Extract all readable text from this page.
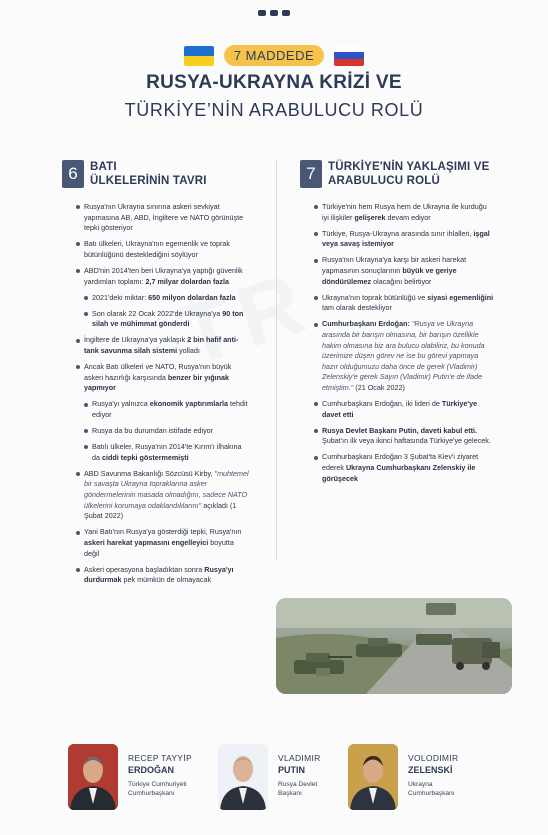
7 MADDEDE
RUSYA-UKRAYNA KRİZİ VE
TÜRKİYE’NİN ARABULUCU ROLÜ
6	BATI
ÜLKELERİNİN TAVRI	7	TÜRKİYE'NİN YAKLAŞIMI VE
ARABULUCU ROLÜ
Rusya'nın Ukrayna sınırına askeri sevkiyat yapmasına AB, ABD, İngiltere ve NATO görünüşte tepki gösteriyor
Batı ülkeleri, Ukrayna'nın egemenlik ve toprak bütünlüğünü desteklediğini söylüyor
ABD'nin 2014'ten beri Ukrayna'ya yaptığı güvenlik yardımları toplamı: 2,7 milyar dolardan fazla
2021'deki miktar: 650 milyon dolardan fazla
Son olarak 22 Ocak 2022'de Ukrayna'ya 90 ton silah ve mühimmat gönderdi
İngiltere de Ukrayna'ya yaklaşık 2 bin hafif anti-tank savunma silah sistemi yolladı
Ancak Batı ülkeleri ve NATO, Rusya'nın büyük askeri hazırlığı karşısında benzer bir yığınak yapmıyor
Rusya'yı yalnızca ekonomik yaptırımlarla tehdit ediyor
Rusya da bu durumdan istifade ediyor
Batılı ülkeler, Rusya'nın 2014'te Kırım'ı ilhakına da ciddi tepki göstermemişti
ABD Savunma Bakanlığı Sözcüsü Kirby, "muhtemel bir savaşta Ukrayna topraklarına asker göndermelerinin masada olmadığını, sadece NATO ülkelerini korumaya odaklandıklarını" açıkladı (1 Şubat 2022)
Yani Batı'nın Rusya'ya gösterdiği tepki, Rusya'nın askeri harekat yapmasını engelleyici boyutta değil
Askeri operasyona başladıktan sonra Rusya'yı durdurmak pek mümkün de olmayacak
Türkiye'nin hem Rusya hem de Ukrayna ile kurduğu iyi ilişkiler gelişerek devam ediyor
Türkiye, Rusya-Ukrayna arasında sınır ihlalleri, işgal veya savaş istemiyor
Rusya'nın Ukrayna'ya karşı bir askeri harekat yapmasının sonuçlarının büyük ve geriye döndürülemez olacağını belirtiyor
Ukrayna'nın toprak bütünlüğü ve siyasi egemenliğini tam olarak destekliyor
Cumhurbaşkanı Erdoğan: "Rusya ve Ukrayna arasında bir barışın olmasına, bir barışın özellikle hakim olmasına biz ara bulucu olabiliriz, bu konuda üzerimize düşen görev ne ise bu görevi yapmaya hazır olduğumuzu daha önce de gerek (Vladimir) Zelenskiy'e gerek Sayın (Vladimir) Putin'e de ifade etmiştim." (21 Ocak 2022)
Cumhurbaşkanı Erdoğan, iki lideri de Türkiye'ye davet etti
Rusya Devlet Başkanı Putin, daveti kabul etti. Şubat'ın ilk veya ikinci haftasında Türkiye'ye gelecek.
Cumhurbaşkanı Erdoğan 3 Şubat'ta Kiev'i ziyaret ederek Ukrayna Cumhurbaşkanı Zelenskiy ile görüşecek
RECEP TAYYİP
ERDOĞAN
Türkiye Cumhuriyeti
Cumhurbaşkanı
VLADIMIR
PUTIN
Rusya Devlet
Başkanı
VOLODIMIR
ZELENSKİ
Ukrayna
Cumhurbaşkanı
